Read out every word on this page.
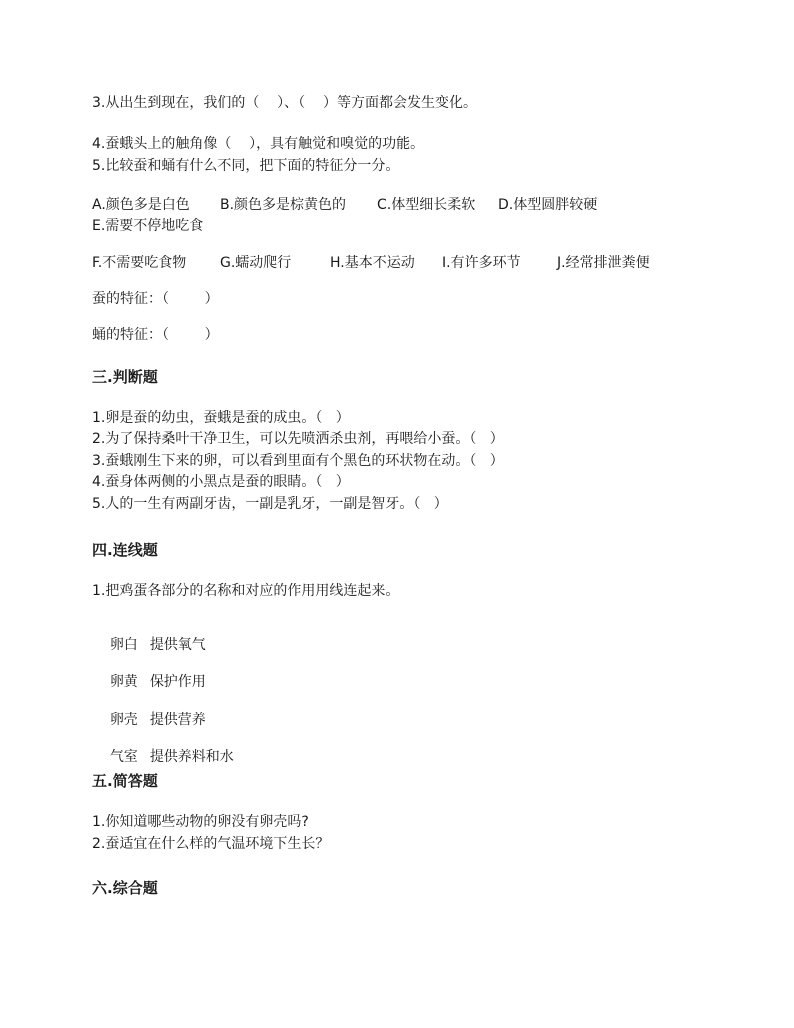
3.从出生到现在，我们的（    ）、（    ）等方面都会发生变化。
4.蚕蛾头上的触角像（    ），具有触觉和嗅觉的功能。
5.比较蚕和蛹有什么不同，把下面的特征分一分。
A.颜色多是白色 B.颜色多是棕黄色的 C.体型细长柔软 D.体型圆胖较硬
E.需要不停地吃食
F.不需要吃食物 G.蠕动爬行	H.基本不运动 I.有许多环节	J.经常排泄粪便
蚕的特征：（        ）
蛹的特征：（        ）
三.判断题
1.卵是蚕的幼虫，蚕蛾是蚕的成虫。（   ）
2.为了保持桑叶干净卫生，可以先喷洒杀虫剂，再喂给小蚕。（   ）
3.蚕蛾刚生下来的卵，可以看到里面有个黑色的环状物在动。（   ）
4.蚕身体两侧的小黑点是蚕的眼睛。（   ）
5.人的一生有两副牙齿，一副是乳牙，一副是智牙。（   ）
四.连线题
1.把鸡蛋各部分的名称和对应的作用用线连起来。

卵白 提供氧气

卵黄 保护作用

卵壳 提供营养

气室 提供养料和水

五.简答题
1.你知道哪些动物的卵没有卵壳吗?
2.蚕适宜在什么样的气温环境下生长？
六.综合题
